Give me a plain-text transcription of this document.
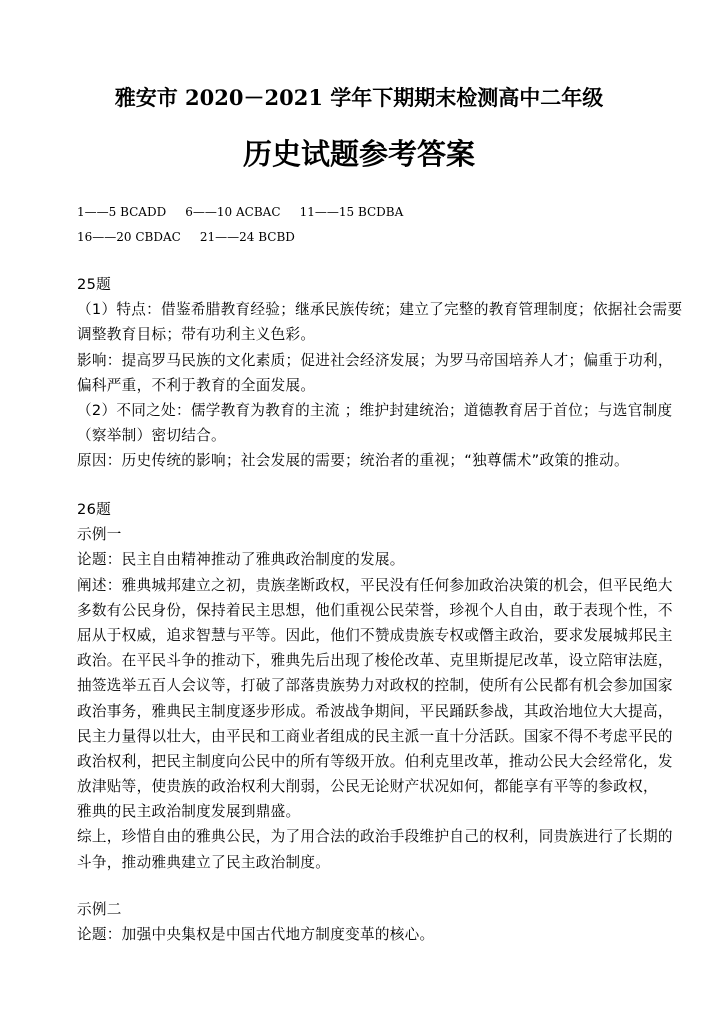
雅安市 2020－2021 学年下期期末检测高中二年级
历史试题参考答案
1——5 BCADD     6——10 ACBAC     11——15 BCDBA
16——20 CBDAC     21——24 BCBD
25题
（1）特点：借鉴希腊教育经验；继承民族传统；建立了完整的教育管理制度；依据社会需要
调整教育目标；带有功利主义色彩。
影响：提高罗马民族的文化素质；促进社会经济发展；为罗马帝国培养人才；偏重于功利，
偏科严重，不利于教育的全面发展。
（2）不同之处：儒学教育为教育的主流 ；维护封建统治；道德教育居于首位；与选官制度
（察举制）密切结合。
原因：历史传统的影响；社会发展的需要；统治者的重视；“独尊儒术”政策的推动。
26题
示例一
论题：民主自由精神推动了雅典政治制度的发展。
阐述：雅典城邦建立之初，贵族垄断政权，平民没有任何参加政治决策的机会，但平民绝大
多数有公民身份，保持着民主思想，他们重视公民荣誉，珍视个人自由，敢于表现个性，不
屈从于权威，追求智慧与平等。因此，他们不赞成贵族专权或僭主政治，要求发展城邦民主
政治。在平民斗争的推动下，雅典先后出现了梭伦改革、克里斯提尼改革，设立陪审法庭，
抽签选举五百人会议等，打破了部落贵族势力对政权的控制，使所有公民都有机会参加国家
政治事务，雅典民主制度逐步形成。希波战争期间，平民踊跃参战，其政治地位大大提高，
民主力量得以壮大，由平民和工商业者组成的民主派一直十分活跃。国家不得不考虑平民的
政治权利，把民主制度向公民中的所有等级开放。伯利克里改革，推动公民大会经常化，发
放津贴等，使贵族的政治权利大削弱，公民无论财产状况如何，都能享有平等的参政权，
雅典的民主政治制度发展到鼎盛。
综上，珍惜自由的雅典公民，为了用合法的政治手段维护自己的权利，同贵族进行了长期的
斗争，推动雅典建立了民主政治制度。
示例二
论题：加强中央集权是中国古代地方制度变革的核心。
